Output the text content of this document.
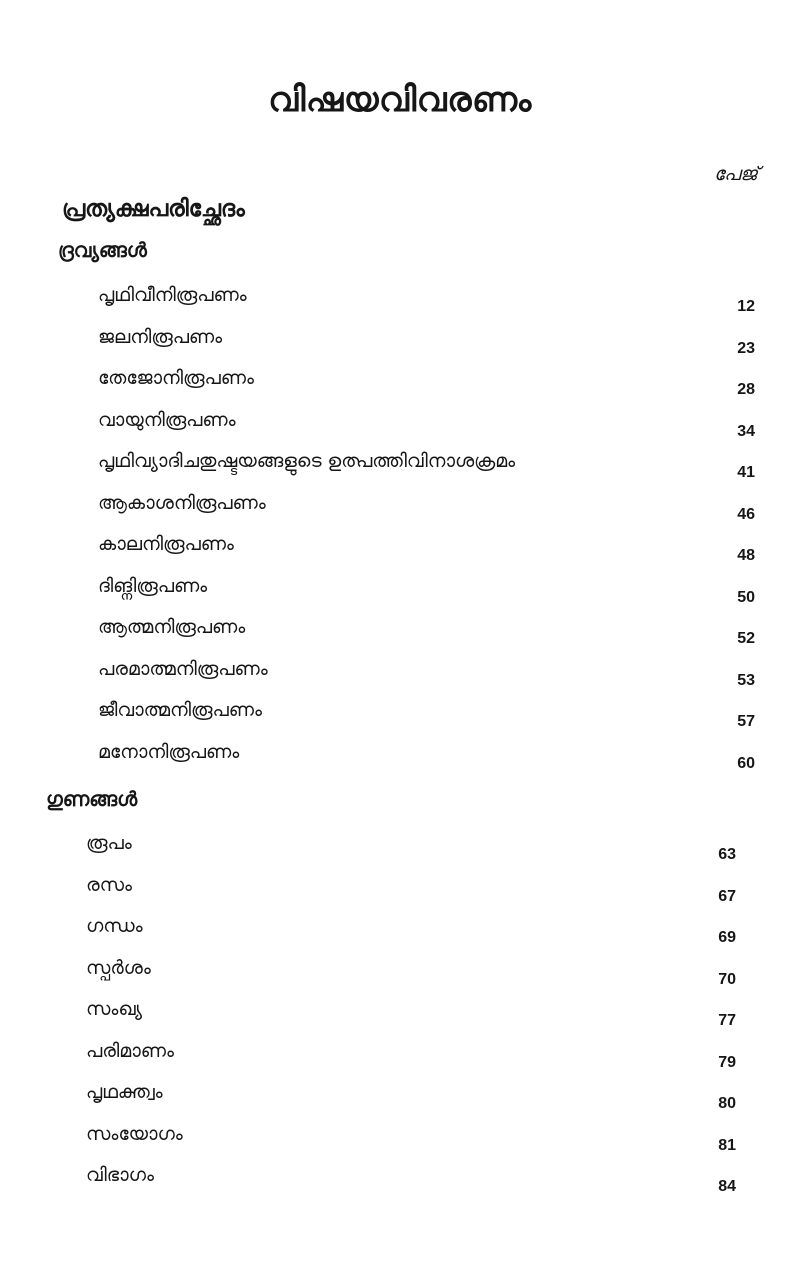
വിഷയവിവരണം
പേജ്
പ്രത്യക്ഷപരിച്ഛേദം
ദ്രവ്യങ്ങൾ
പൃഥിവീനിരൂപണം
12
ജലനിരൂപണം
23
തേജോനിരൂപണം
28
വായുനിരൂപണം
34
പൃഥിവ്യാദിചതുഷ്ടയങ്ങളുടെ ഉത്പത്തിവിനാശക്രമം
41
ആകാശനിരൂപണം
46
കാലനിരൂപണം
48
ദിങ്നിരൂപണം
50
ആത്മനിരൂപണം
52
പരമാത്മനിരൂപണം
53
ജീവാത്മനിരൂപണം
57
മനോനിരൂപണം
60
ഗുണങ്ങൾ
രൂപം
63
രസം
67
ഗന്ധം
69
സ്പർശം
70
സംഖ്യ
77
പരിമാണം
79
പൃഥക്ത്വം
80
സംയോഗം
81
വിഭാഗം
84
